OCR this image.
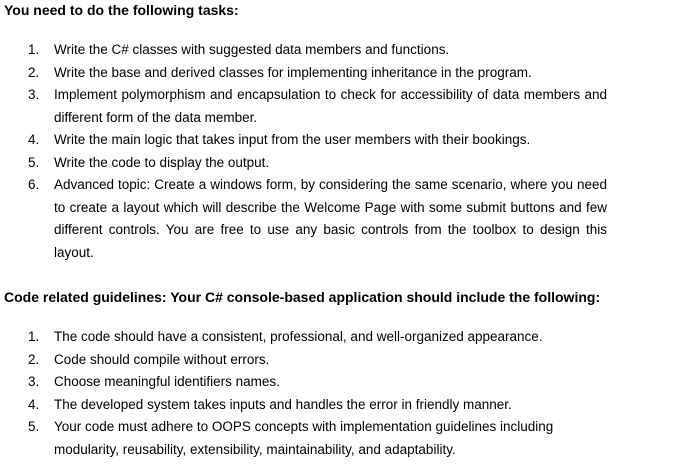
You need to do the following tasks:
1. Write the C# classes with suggested data members and functions.
2. Write the base and derived classes for implementing inheritance in the program.
3. Implement polymorphism and encapsulation to check for accessibility of data members and different form of the data member.
4. Write the main logic that takes input from the user members with their bookings.
5. Write the code to display the output.
6. Advanced topic: Create a windows form, by considering the same scenario, where you need to create a layout which will describe the Welcome Page with some submit buttons and few different controls. You are free to use any basic controls from the toolbox to design this layout.
Code related guidelines: Your C# console-based application should include the following:
1. The code should have a consistent, professional, and well-organized appearance.
2. Code should compile without errors.
3. Choose meaningful identifiers names.
4. The developed system takes inputs and handles the error in friendly manner.
5. Your code must adhere to OOPS concepts with implementation guidelines including modularity, reusability, extensibility, maintainability, and adaptability.
